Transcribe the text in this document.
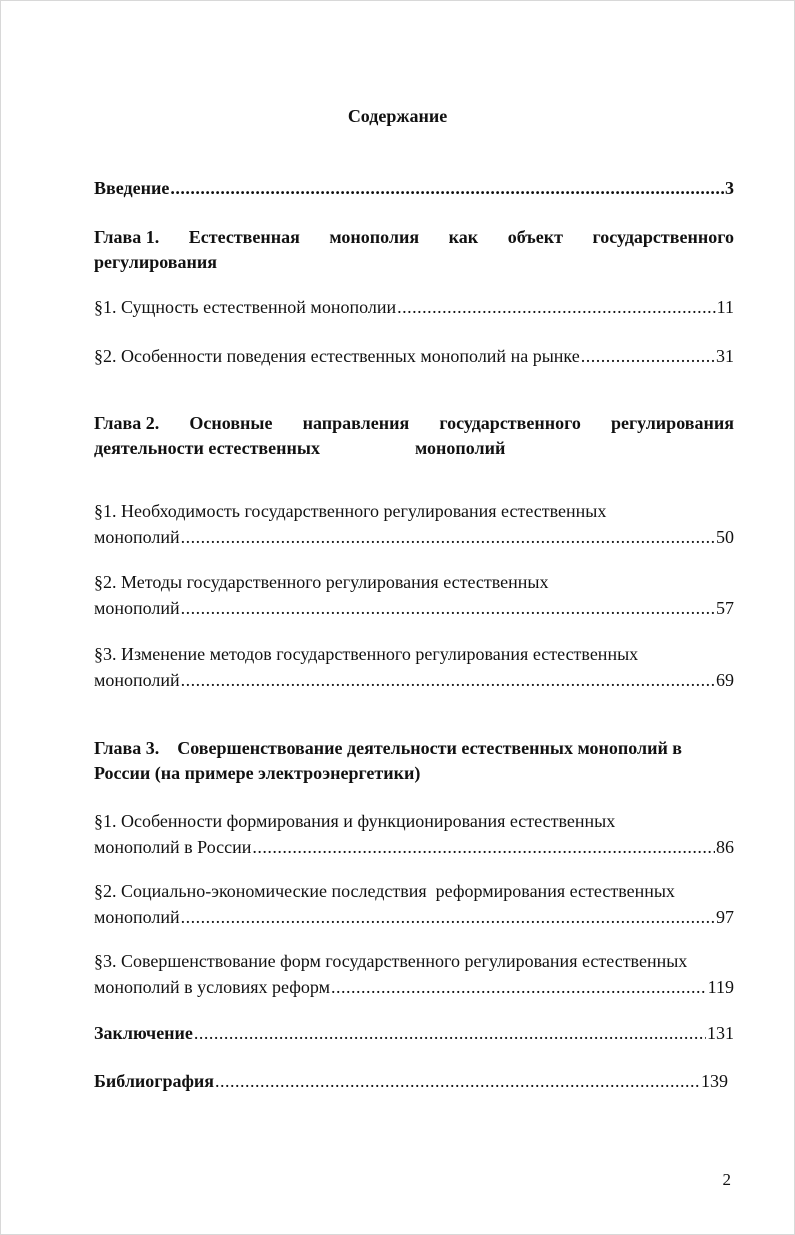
Содержание
Введение . . .	3
Глава 1. Естественная монополия как объект государственного
регулирования
§1. Сущность естественной монополии . . .	11
§2. Особенности поведения естественных монополий на рынке . . .	31
Глава 2. Основные направления государственного регулирования
деятельности естественных	монополий
§1. Необходимость государственного регулирования естественных
монополий . . .	50
§2. Методы государственного регулирования естественных
монополий . . .	57
§3. Изменение методов государственного регулирования естественных
монополий . . .	69
Глава 3.    Совершенствование деятельности естественных монополий в
России (на примере электроэнергетики)
§1. Особенности формирования и функционирования естественных
монополий в России . . .	86
§2. Социально-экономические последствия  реформирования естественных
монополий . . .	97
§3. Совершенствование форм государственного регулирования естественных
монополий в условиях реформ . . .	119
Заключение . . .	131
Библиография . . .	139
2
